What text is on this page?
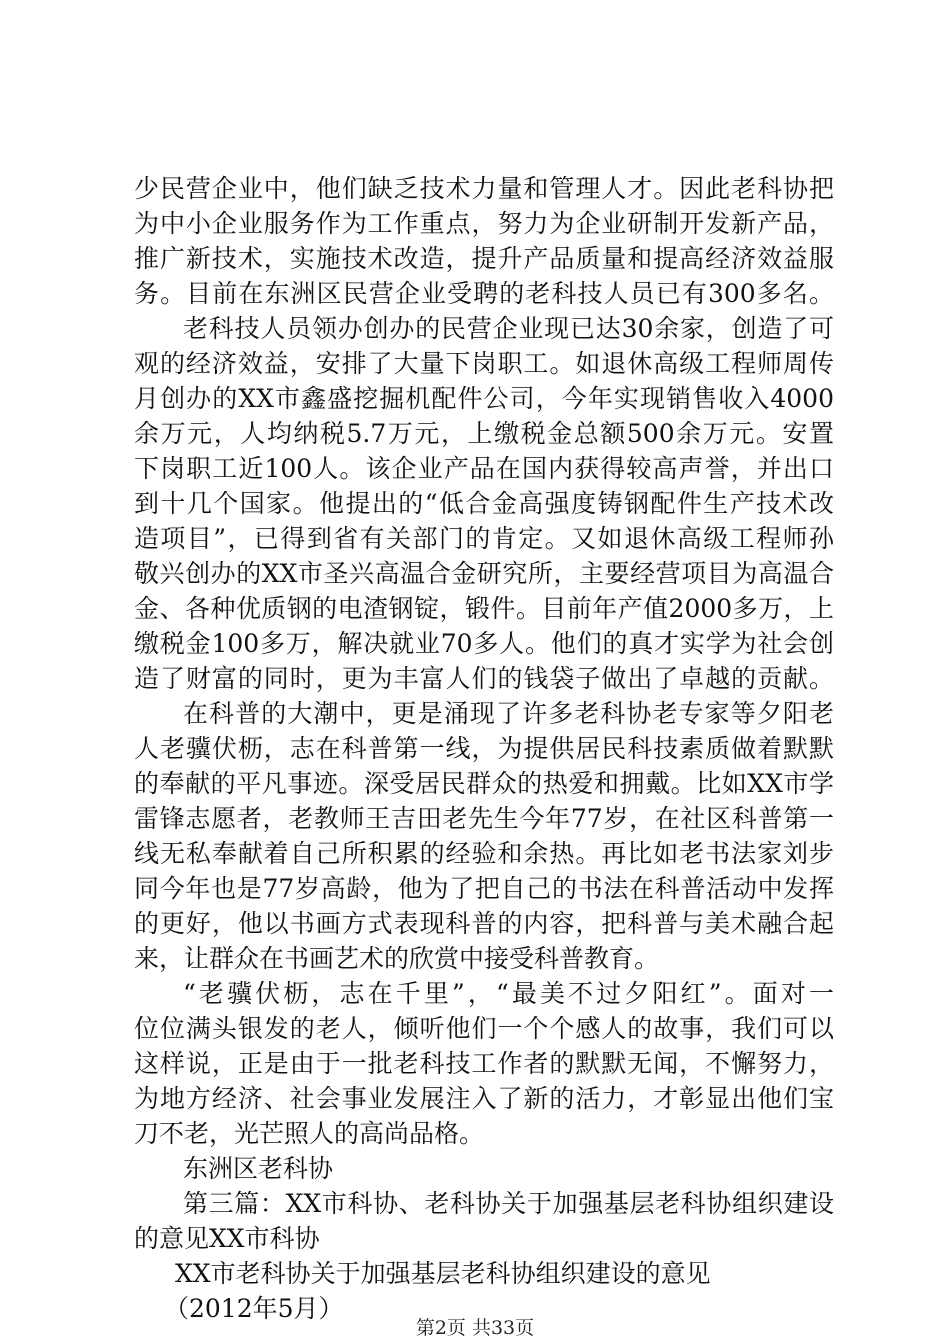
少民营企业中，他们缺乏技术力量和管理人才。因此老科协把
为中小企业服务作为工作重点，努力为企业研制开发新产品，
推广新技术，实施技术改造，提升产品质量和提高经济效益服
务。目前在东洲区民营企业受聘的老科技人员已有300多名。
老科技人员领办创办的民营企业现已达30余家，创造了可
观的经济效益，安排了大量下岗职工。如退休高级工程师周传
月创办的XX市鑫盛挖掘机配件公司，今年实现销售收入4000
余万元，人均纳税5.7万元，上缴税金总额500余万元。安置
下岗职工近100人。该企业产品在国内获得较高声誉，并出口
到十几个国家。他提出的“低合金高强度铸钢配件生产技术改
造项目”，已得到省有关部门的肯定。又如退休高级工程师孙
敬兴创办的XX市圣兴高温合金研究所，主要经营项目为高温合
金、各种优质钢的电渣钢锭，锻件。目前年产值2000多万，上
缴税金100多万，解决就业70多人。他们的真才实学为社会创
造了财富的同时，更为丰富人们的钱袋子做出了卓越的贡献。
在科普的大潮中，更是涌现了许多老科协老专家等夕阳老
人老骥伏枥，志在科普第一线，为提供居民科技素质做着默默
的奉献的平凡事迹。深受居民群众的热爱和拥戴。比如XX市学
雷锋志愿者，老教师王吉田老先生今年77岁，在社区科普第一
线无私奉献着自己所积累的经验和余热。再比如老书法家刘步
同今年也是77岁高龄，他为了把自己的书法在科普活动中发挥
的更好，他以书画方式表现科普的内容，把科普与美术融合起
来，让群众在书画艺术的欣赏中接受科普教育。
“老骥伏枥，志在千里”，“最美不过夕阳红”。面对一
位位满头银发的老人，倾听他们一个个感人的故事，我们可以
这样说，正是由于一批老科技工作者的默默无闻，不懈努力，
为地方经济、社会事业发展注入了新的活力，才彰显出他们宝
刀不老，光芒照人的高尚品格。
东洲区老科协
第三篇：XX市科协、老科协关于加强基层老科协组织建设
的意见XX市科协
XX市老科协关于加强基层老科协组织建设的意见
（2012年5月）
第2页 共33页
